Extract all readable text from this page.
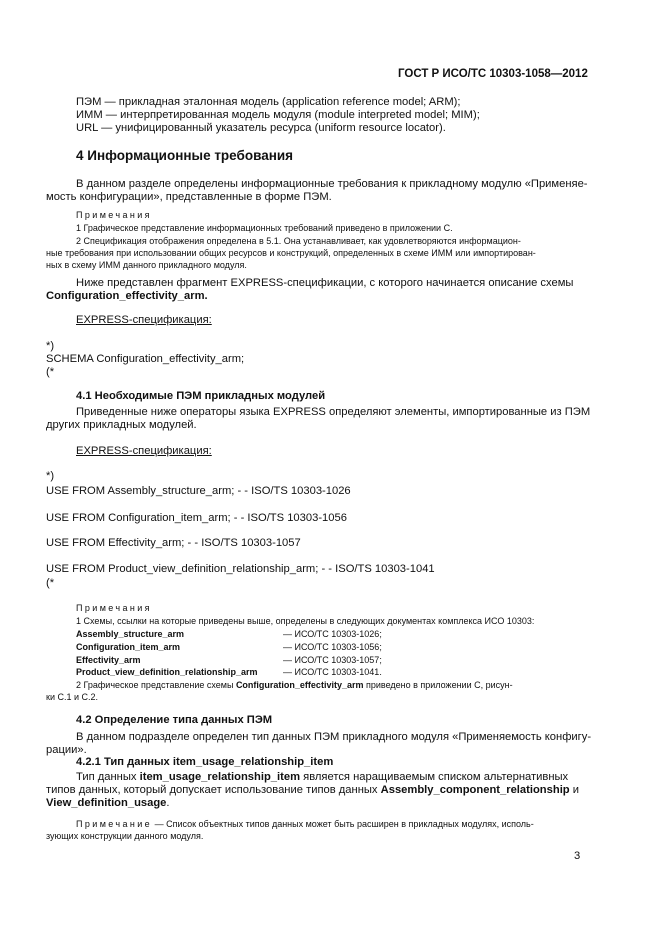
ГОСТ Р ИСО/ТС 10303-1058—2012
ПЭМ — прикладная эталонная модель (application reference model; ARM);
ИММ — интерпретированная модель модуля (module interpreted model; MIM);
URL — унифицированный указатель ресурса (uniform resource locator).
4 Информационные требования
В данном разделе определены информационные требования к прикладному модулю «Применяе-
мость конфигурации», представленные в форме ПЭМ.
Примечания
1 Графическое представление информационных требований приведено в приложении С.
2 Спецификация отображения определена в 5.1. Она устанавливает, как удовлетворяются информацион-
ные требования при использовании общих ресурсов и конструкций, определенных в схеме ИММ или импортирован-
ных в схему ИММ данного прикладного модуля.
Ниже представлен фрагмент EXPRESS-спецификации, с которого начинается описание схемы
Configuration_effectivity_arm.
EXPRESS-спецификация:
*)
SCHEMA Configuration_effectivity_arm;
(*
4.1 Необходимые ПЭМ прикладных модулей
Приведенные ниже операторы языка EXPRESS определяют элементы, импортированные из ПЭМ
других прикладных модулей.
EXPRESS-спецификация:
*)
USE FROM Assembly_structure_arm; - - ISO/TS 10303-1026
USE FROM Configuration_item_arm; - - ISO/TS 10303-1056
USE FROM Effectivity_arm; - - ISO/TS 10303-1057
USE FROM Product_view_definition_relationship_arm; - - ISO/TS 10303-1041
(*
Примечания
1 Схемы, ссылки на которые приведены выше, определены в следующих документах комплекса ИСО 10303:
Assembly_structure_arm	— ИСО/ТС 10303-1026;
Configuration_item_arm	— ИСО/ТС 10303-1056;
Effectivity_arm	— ИСО/ТС 10303-1057;
Product_view_definition_relationship_arm	— ИСО/ТС 10303-1041.
2 Графическое представление схемы Configuration_effectivity_arm приведено в приложении С, рисун-
ки С.1 и С.2.
4.2 Определение типа данных ПЭМ
В данном подразделе определен тип данных ПЭМ прикладного модуля «Применяемость конфигу-
рации».
4.2.1 Тип данных item_usage_relationship_item
Тип данных item_usage_relationship_item является наращиваемым списком альтернативных
типов данных, который допускает использование типов данных Assembly_component_relationship и
View_definition_usage.
Примечание — Список объектных типов данных может быть расширен в прикладных модулях, исполь-
зующих конструкции данного модуля.
3
